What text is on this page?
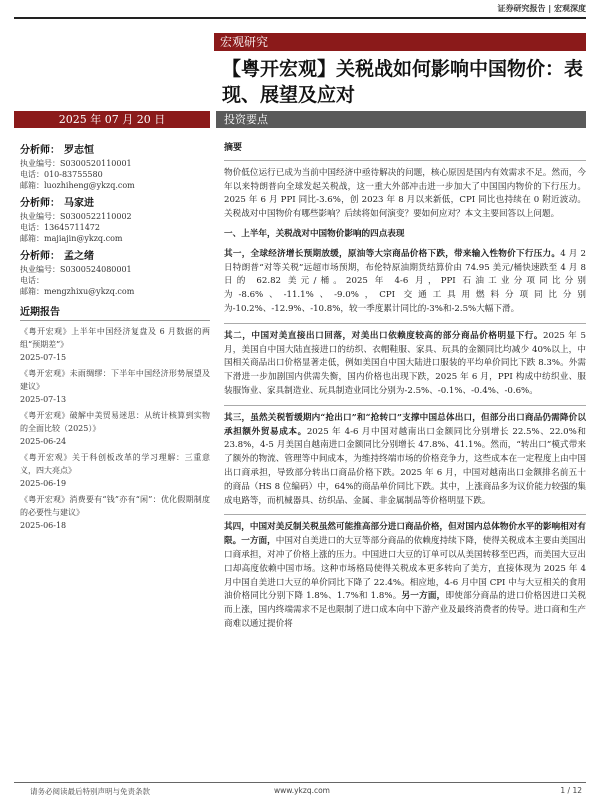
证券研究报告 | 宏观深度
宏观研究
【粤开宏观】关税战如何影响中国物价：表现、展望及应对
2025 年 07 月 20 日	投资要点
分析师： 罗志恒
执业编号：S0300520110001
电话：010-83755580
邮箱：luozhiheng@ykzq.com
分析师： 马家进
执业编号：S0300522110002
电话：13645711472
邮箱：majiajin@ykzq.com
分析师： 孟之绪
执业编号：S0300524080001
电话：
邮箱：mengzhixu@ykzq.com
近期报告
《粤开宏观》上半年中国经济复盘及 6 月数据的两组“预期差”》
2025-07-15
《粤开宏观》未雨绸缪：下半年中国经济形势展望及建议》
2025-07-13
《粤开宏观》破解中美贸易迷思：从统计核算到实物的全面比较（2025）》
2025-06-24
《粤开宏观》关于科创板改革的学习理解：三重意义，四大亮点》
2025-06-19
《粤开宏观》消费要有“钱”亦有“闲”：优化假期制度的必要性与建议》
2025-06-18
摘要

物价低位运行已成为当前中国经济中亟待解决的问题，核心原因是国内有效需求不足。然而，今年以来特朗普向全球发起关税战，这一重大外部冲击进一步加大了中国国内物价的下行压力。2025 年 6 月 PPI 同比-3.6%，创 2023 年 8 月以来新低，CPI 同比也持续在 0 附近波动。关税战对中国物价有哪些影响？后续将如何演变？要如何应对？本文主要回答以上问题。

一、上半年，关税战对中国物价影响的四点表现

其一，全球经济增长预期放缓，原油等大宗商品价格下跌，带来输入性物价下行压力。4 月 2 日特朗普“对等关税”远超市场预期，布伦特原油期货结算价由 74.95 美元/桶快速跌至 4 月 8 日的 62.82 美元/桶。2025 年 4-6 月，PPI 石油工业分项同比分别为-8.6%、-11.1%、-9.0%，CPI 交通工具用燃料分项同比分别为-10.2%、-12.9%、-10.8%，较一季度累计同比的-3%和-2.5%大幅下滑。

其二，中国对美直接出口回落，对美出口依赖度较高的部分商品价格明显下行。2025 年 5 月，美国自中国大陆直接进口的纺织、衣帽鞋服、家具、玩具的金额同比均减少 40%以上，中国相关商品出口价格显著走低，例如美国自中国大陆进口服装的平均单价同比下跌 8.3%。外需下滑进一步加剧国内供需失衡，国内价格也出现下跌，2025 年 6 月，PPI 构成中纺织业、服装服饰业、家具制造业、玩具制造业同比分别为-2.5%、-0.1%、-0.4%、-0.6%。

其三，虽然关税暂缓期内“抢出口”和“抢转口”支撑中国总体出口，但部分出口商品仍需降价以承担额外贸易成本。2025 年 4-6 月中国对越南出口金额同比分别增长 22.5%、22.0%和 23.8%，4-5 月美国自越南进口金额同比分别增长 47.8%、41.1%。然而，“转出口”模式带来了额外的物流、管理等中间成本，为维持终端市场的价格竞争力，这些成本在一定程度上由中国出口商承担，导致部分转出口商品价格下跌。2025 年 6 月，中国对越南出口金额排名前五十的商品（HS 8 位编码）中，64%的商品单价同比下跌。其中，上涨商品多为议价能力较强的集成电路等，而机械器具、纺织品、金属、非金属制品等价格明显下跌。

其四，中国对美反制关税虽然可能推高部分进口商品价格，但对国内总体物价水平的影响相对有限。一方面，中国对自美进口的大豆等部分商品的依赖度持续下降，使得关税成本主要由美国出口商承担，对冲了价格上涨的压力。中国进口大豆的订单可以从美国转移至巴西，而美国大豆出口却高度依赖中国市场。这种市场格局使得关税成本更多转向了美方，直接体现为 2025 年 4 月中国自美进口大豆的单价同比下降了 22.4%。相应地，4-6 月中国 CPI 中与大豆相关的食用油价格同比分别下降 1.8%、1.7%和 1.8%。另一方面，即使部分商品的进口价格因进口关税而上涨，国内终端需求不足也限制了进口成本向中下游产业及最终消费者的传导。进口商和生产商难以通过提价将

请务必阅读最后特别声明与免责条款	www.ykzq.com	1 / 12
